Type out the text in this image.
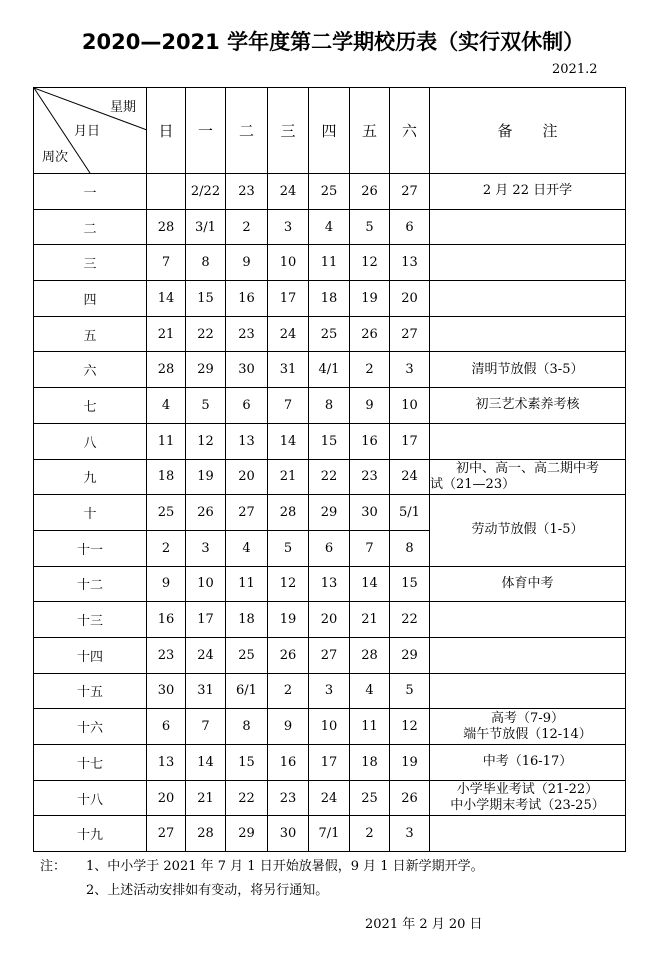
2020—2021 学年度第二学期校历表（实行双休制）
2021.2
星期
月日
周次	日	一	二	三	四	五	六	备　　注
一		2/22	23	24	25	26	27	2 月 22 日开学

二	28	3/1	2	3	4	5	6	

三	7	8	9	10	11	12	13	

四	14	15	16	17	18	19	20	

五	21	22	23	24	25	26	27	

六	28	29	30	31	4/1	2	3	清明节放假（3-5）

七	4	5	6	7	8	9	10	初三艺术素养考核

八	11	12	13	14	15	16	17	

九	18	19	20	21	22	23	24	初中、高一、高二期中考
试（21—23）

十	25	26	27	28	29	30	5/1	劳动节放假（1-5）

十一	2	3	4	5	6	7	8	
十二	9	10	11	12	13	14	15	体育中考

十三	16	17	18	19	20	21	22	

十四	23	24	25	26	27	28	29	

十五	30	31	6/1	2	3	4	5	

十六	6	7	8	9	10	11	12	高考（7-9）
端午节放假（12-14）

十七	13	14	15	16	17	18	19	中考（16-17）

十八	20	21	22	23	24	25	26	小学毕业考试（21-22）
中小学期末考试（23-25）

十九	27	28	29	30	7/1	2	3	
注： 1、中小学于 2021 年 7 月 1 日开始放暑假，9 月 1 日新学期开学。
2、上述活动安排如有变动，将另行通知。
2021 年 2 月 20 日
